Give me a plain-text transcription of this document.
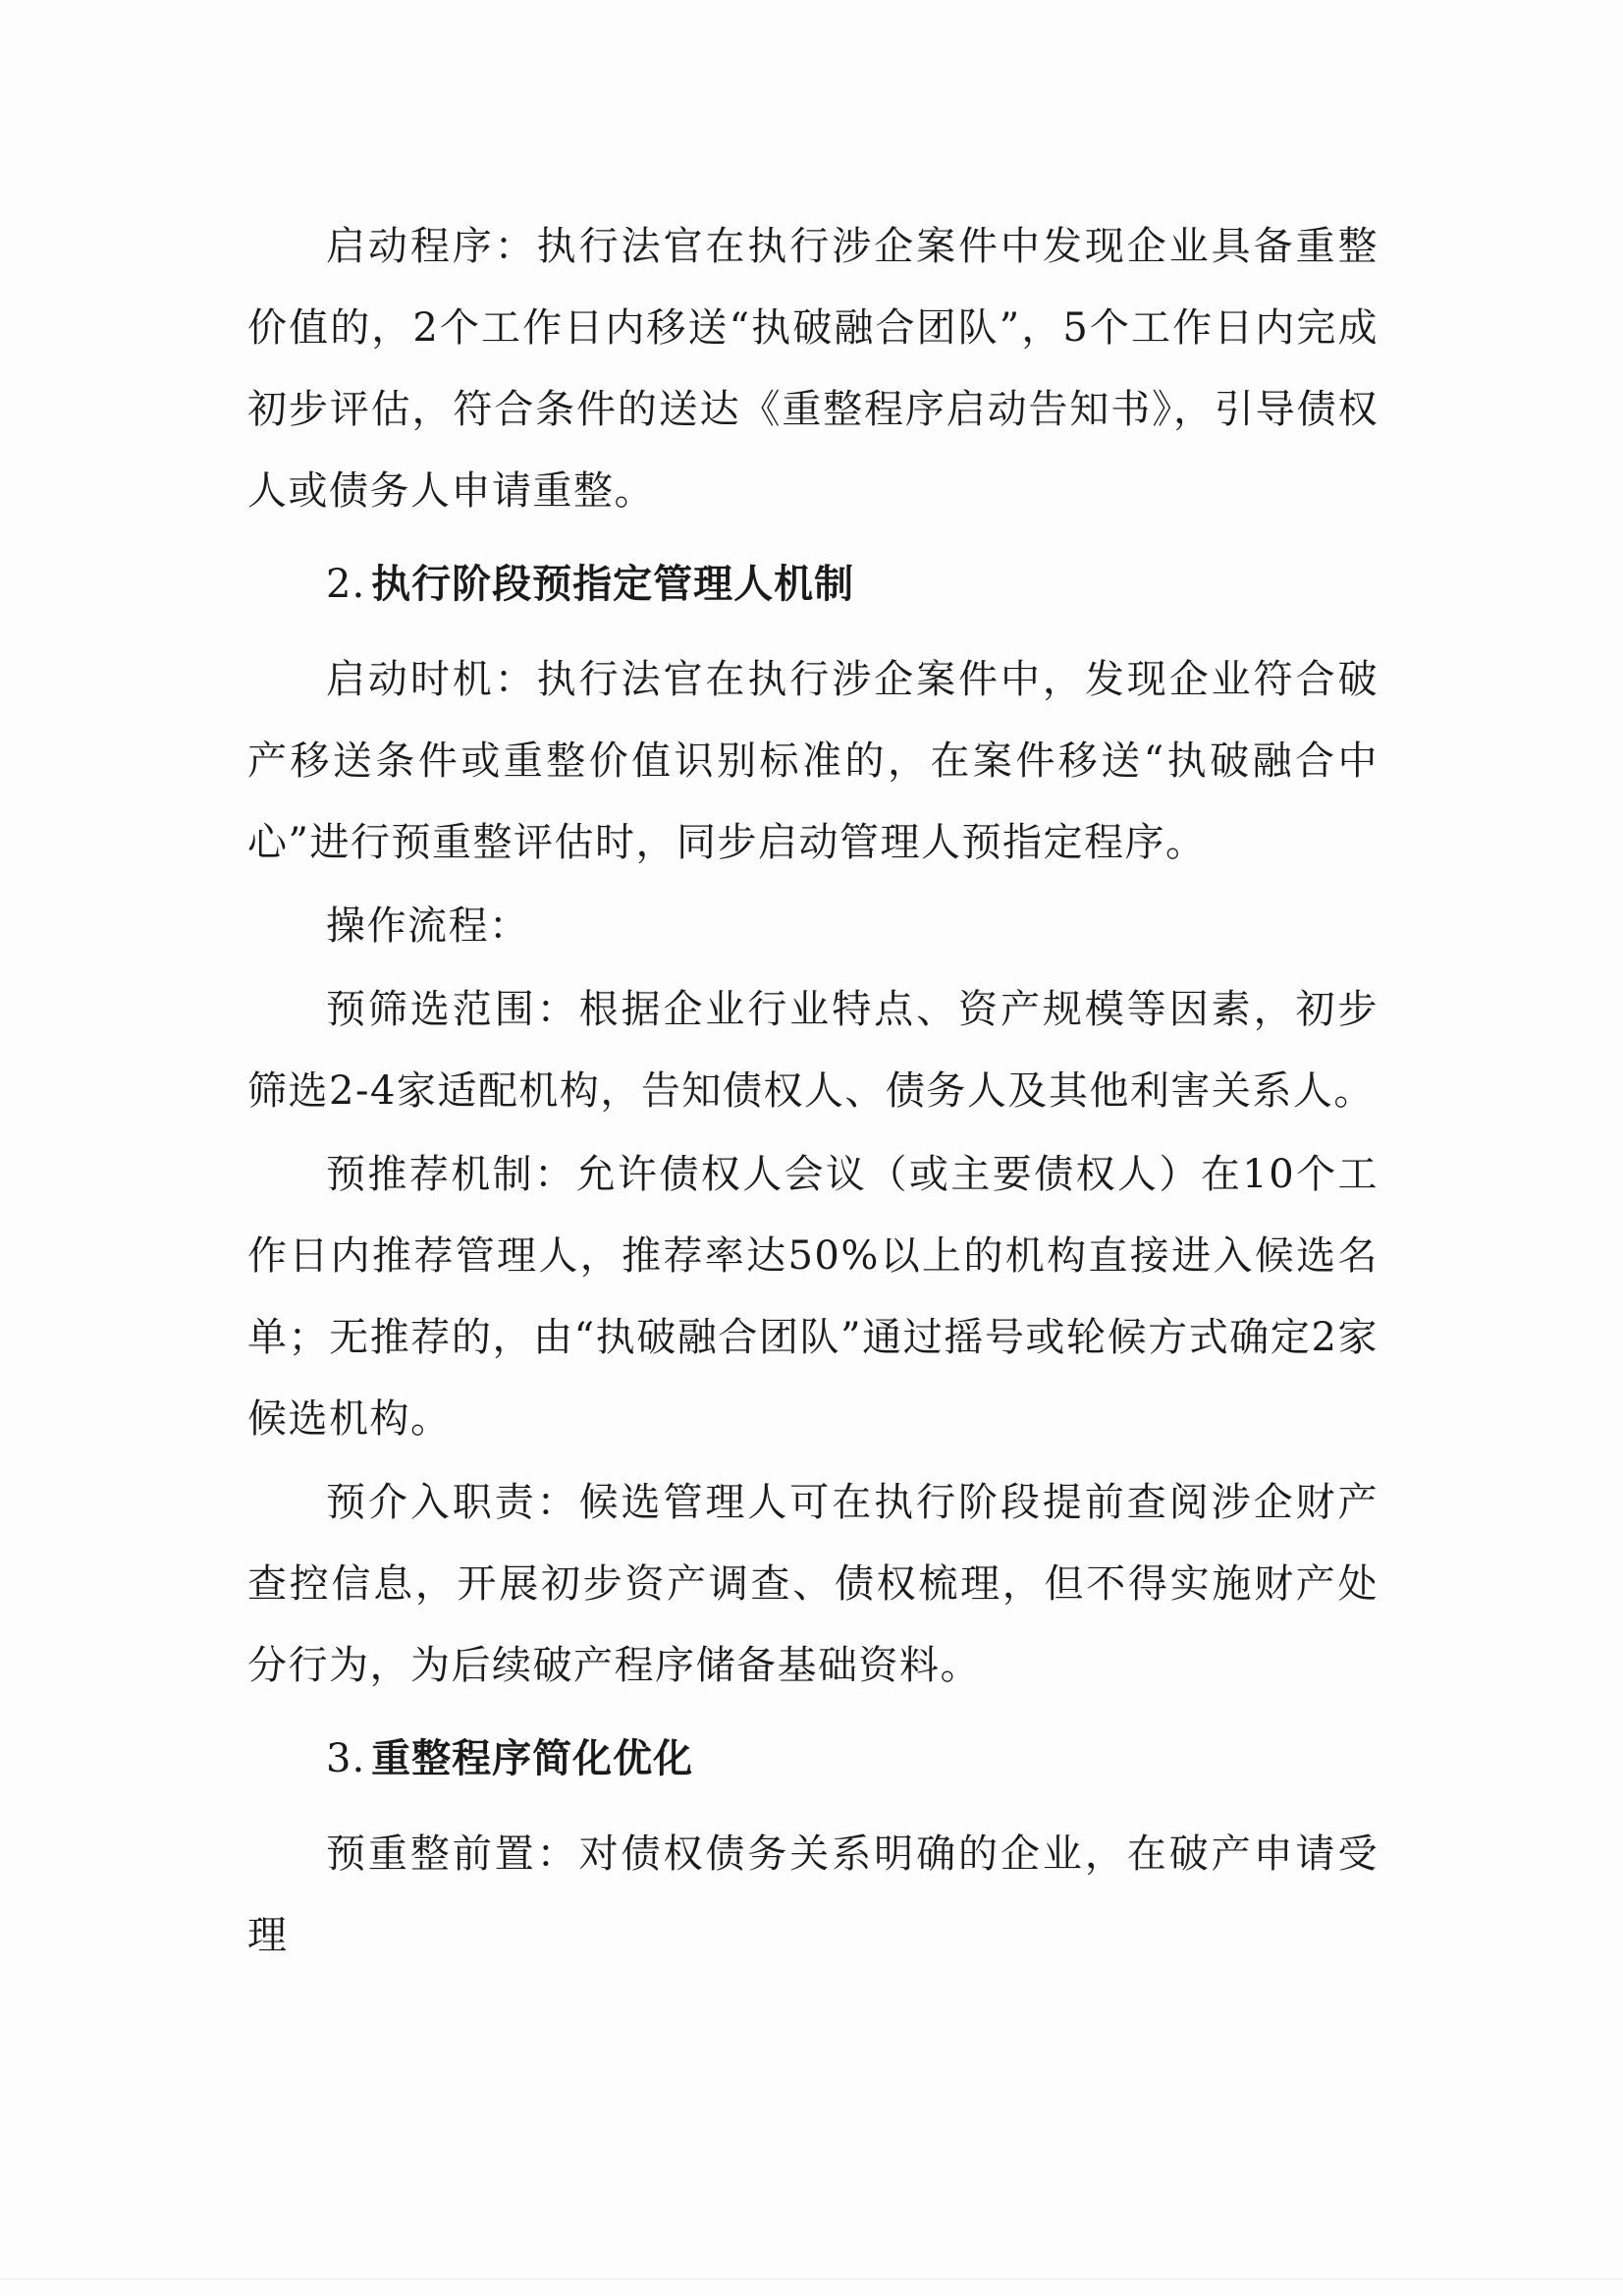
启动程序：执行法官在执行涉企案件中发现企业具备重整价值的，2个工作日内移送“执破融合团队”，5个工作日内完成初步评估，符合条件的送达《重整程序启动告知书》，引导债权人或债务人申请重整。

2. 执行阶段预指定管理人机制

启动时机：执行法官在执行涉企案件中，发现企业符合破产移送条件或重整价值识别标准的，在案件移送“执破融合中心”进行预重整评估时，同步启动管理人预指定程序。

操作流程：

预筛选范围：根据企业行业特点、资产规模等因素，初步筛选2-4家适配机构，告知债权人、债务人及其他利害关系人。

预推荐机制：允许债权人会议（或主要债权人）在10个工作日内推荐管理人，推荐率达50%以上的机构直接进入候选名单；无推荐的，由“执破融合团队”通过摇号或轮候方式确定2家候选机构。

预介入职责：候选管理人可在执行阶段提前查阅涉企财产查控信息，开展初步资产调查、债权梳理，但不得实施财产处分行为，为后续破产程序储备基础资料。

3. 重整程序简化优化

预重整前置：对债权债务关系明确的企业，在破产申请受理
